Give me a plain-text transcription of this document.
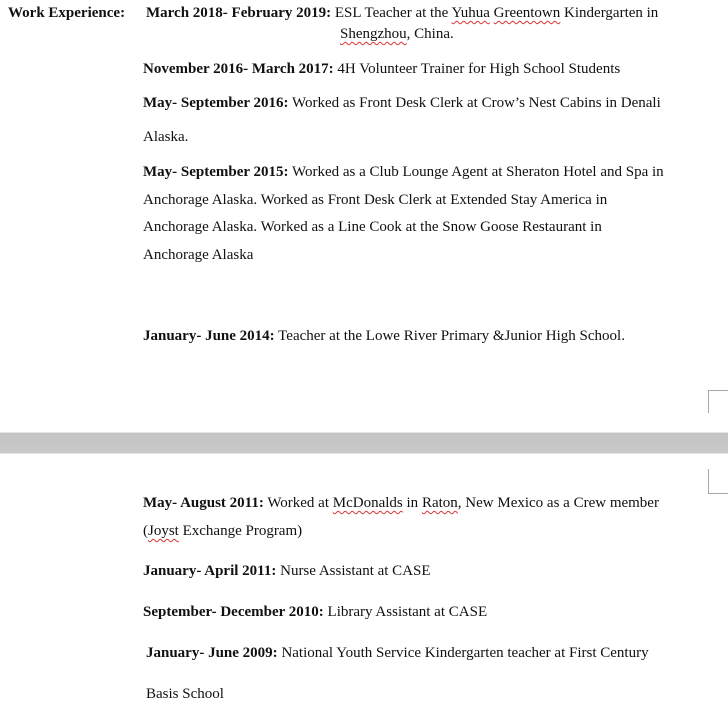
Work Experience: March 2018- February 2019: ESL Teacher at the Yuhua Greentown Kindergarten in
Shengzhou, China.
November 2016- March 2017: 4H Volunteer Trainer for High School Students
May- September 2016: Worked as Front Desk Clerk at Crow’s Nest Cabins in Denali
Alaska.
May- September 2015: Worked as a Club Lounge Agent at Sheraton Hotel and Spa in
Anchorage Alaska. Worked as Front Desk Clerk at Extended Stay America in
Anchorage Alaska. Worked as a Line Cook at the Snow Goose Restaurant in
Anchorage Alaska
January- June 2014: Teacher at the Lowe River Primary &Junior High School.
May- August 2011: Worked at McDonalds in Raton, New Mexico as a Crew member
(Joyst Exchange Program)
January- April 2011: Nurse Assistant at CASE
September- December 2010: Library Assistant at CASE
January- June 2009: National Youth Service Kindergarten teacher at First Century
Basis School
